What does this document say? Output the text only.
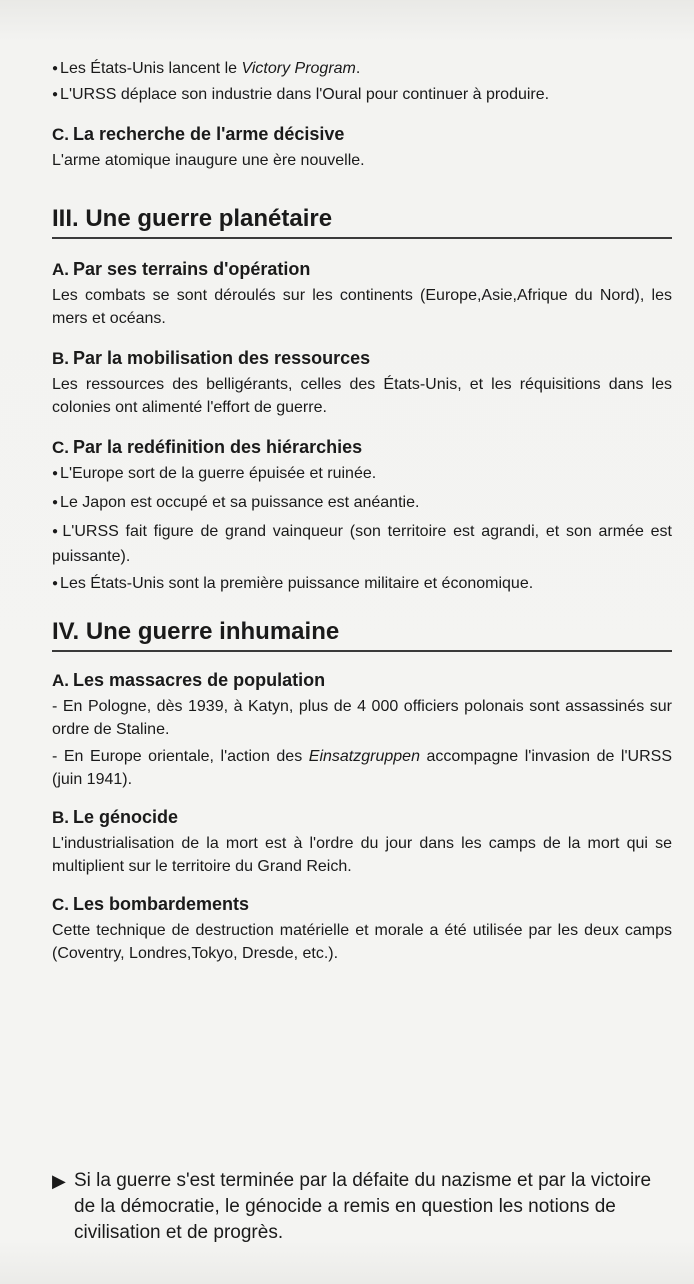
● Les États-Unis lancent le Victory Program.

● L'URSS déplace son industrie dans l'Oural pour continuer à produire.

C. La recherche de l'arme décisive

L'arme atomique inaugure une ère nouvelle.

III. Une guerre planétaire

A. Par ses terrains d'opération

Les combats se sont déroulés sur les continents (Europe,Asie,Afrique du Nord), les mers et océans.

B. Par la mobilisation des ressources

Les ressources des belligérants, celles des États-Unis, et les réquisitions dans les colonies ont alimenté l'effort de guerre.

C. Par la redéfinition des hiérarchies

● L'Europe sort de la guerre épuisée et ruinée.

● Le Japon est occupé et sa puissance est anéantie.

● L'URSS fait figure de grand vainqueur (son territoire est agrandi, et son armée est puissante).

● Les États-Unis sont la première puissance militaire et économique.

IV. Une guerre inhumaine

A. Les massacres de population

- En Pologne, dès 1939, à Katyn, plus de 4 000 officiers polonais sont assassinés sur ordre de Staline.

- En Europe orientale, l'action des Einsatzgruppen accompagne l'invasion de l'URSS (juin 1941).

B. Le génocide

L'industrialisation de la mort est à l'ordre du jour dans les camps de la mort qui se multiplient sur le territoire du Grand Reich.

C. Les bombardements

Cette technique de destruction matérielle et morale a été utilisée par les deux camps (Coventry, Londres,Tokyo, Dresde, etc.).

▶ Si la guerre s'est terminée par la défaite du nazisme et par la victoire de la démocratie, le génocide a remis en question les notions de civilisation et de progrès.
